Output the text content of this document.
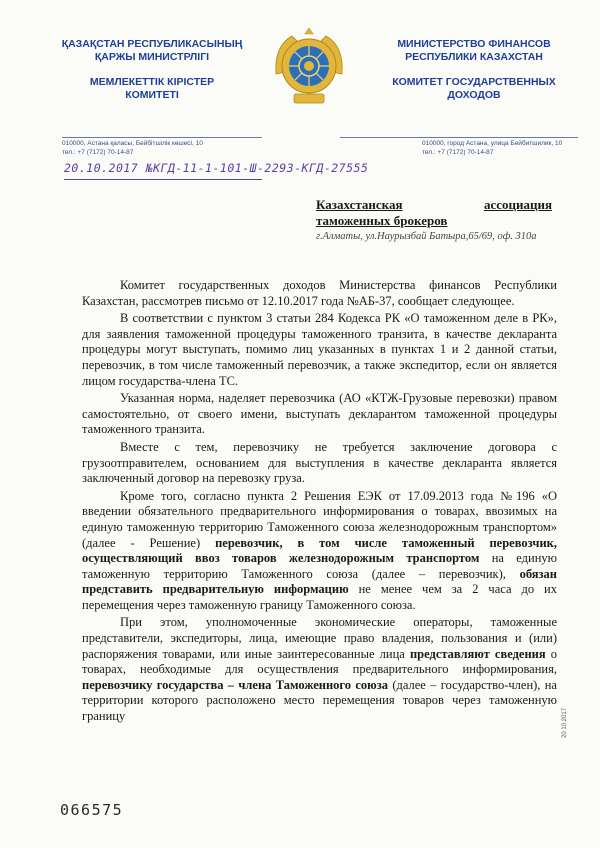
ҚАЗАҚСТАН РЕСПУБЛИКАСЫНЫҢ
ҚАРЖЫ МИНИСТРЛІГІ
МЕМЛЕКЕТТІК КІРІСТЕР
КОМИТЕТІ
МИНИСТЕРСТВО ФИНАНСОВ
РЕСПУБЛИКИ КАЗАХСТАН
КОМИТЕТ ГОСУДАРСТВЕННЫХ
ДОХОДОВ
010000, Астана қаласы, Бейбітшілік көшесі, 10
тел.: +7 (7172) 70-14-87
010000, город Астана, улица Бейбитшилик, 10
тел.: +7 (7172) 70-14-87
20.10.2017 №КГД-11-1-101-Ш-2293-КГД-27555
Казахстанская	ассоциация
таможенных брокеров
г.Алматы, ул.Наурызбай Батыра,65/69, оф. 310а

Комитет государственных доходов Министерства финансов Республики Казахстан, рассмотрев письмо от 12.10.2017 года №АБ-37, сообщает следующее.

В соответствии с пунктом 3 статьи 284 Кодекса РК «О таможенном деле в РК», для заявления таможенной процедуры таможенного транзита, в качестве декларанта процедуры могут выступать, помимо лиц указанных в пунктах 1 и 2 данной статьи, перевозчик, в том числе таможенный перевозчик, а также экспедитор, если он является лицом государства-члена ТС.

Указанная норма, наделяет перевозчика (АО «КТЖ-Грузовые перевозки) правом самостоятельно, от своего имени, выступать декларантом таможенной процедуры таможенного транзита.

Вместе с тем, перевозчику не требуется заключение договора с грузоотправителем, основанием для выступления в качестве декларанта является заключенный договор на перевозку груза.

Кроме того, согласно пункта 2 Решения ЕЭК от 17.09.2013 года №196 «О введении обязательного предварительного информирования о товарах, ввозимых на единую таможенную территорию Таможенного союза железнодорожным транспортом» (далее - Решение) перевозчик, в том числе таможенный перевозчик, осуществляющий ввоз товаров железнодорожным транспортом на единую таможенную территорию Таможенного союза (далее – перевозчик), обязан представить предварительную информацию не менее чем за 2 часа до их перемещения через таможенную границу Таможенного союза.

При этом, уполномоченные экономические операторы, таможенные представители, экспедиторы, лица, имеющие право владения, пользования и (или) распоряжения товарами, или иные заинтересованные лица представляют сведения о товарах, необходимые для осуществления предварительного информирования, перевозчику государства – члена Таможенного союза (далее – государство-член), на территории которого расположено место перемещения товаров через таможенную границу	20 10 2017
066575
